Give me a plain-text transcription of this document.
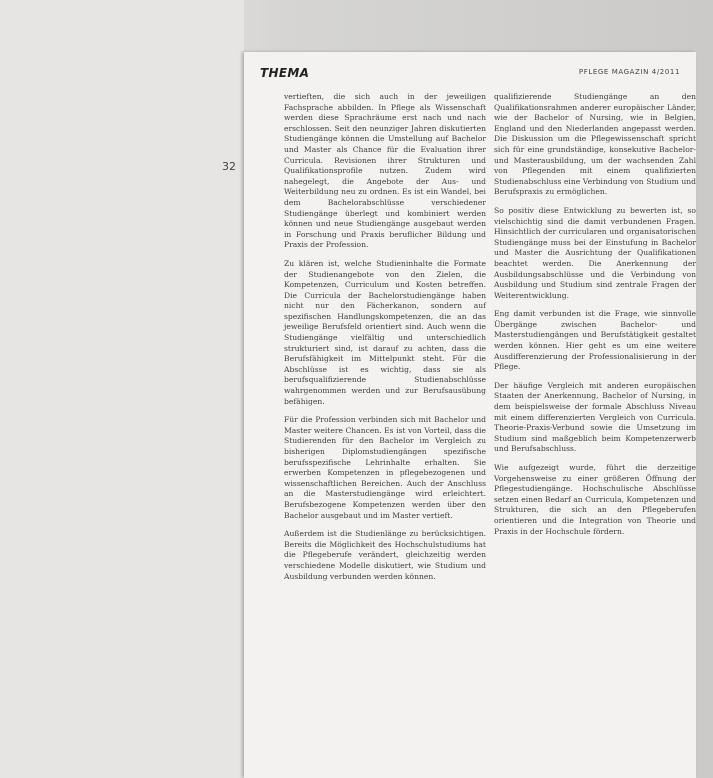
THEMA	PFLEGE MAGAZIN 4/2011

vertieften, die sich auch in der jeweiligen Fachsprache abbilden. In Pflege als Wissenschaft werden diese Sprachräume erst nach und nach erschlossen. Seit den neunziger Jahren diskutierten Studiengänge können die Umstellung auf Bachelor und Master als Chance für die Evaluation ihrer Curricula. Revisionen ihrer Strukturen und Qualifikationsprofile nutzen. Zudem wird nahegelegt, die Angebote der Aus- und Weiterbildung neu zu ordnen. Es ist ein Wandel, bei dem Bachelorabschlüsse verschiedener Studiengänge überlegt und kombiniert werden können und neue Studiengänge ausgebaut werden in Forschung und Praxis beruflicher Bildung und Praxis der Profession.

Zu klären ist, welche Studieninhalte die Formate der Studienangebote von den Zielen, die Kompetenzen, Curriculum und Kosten betreffen. Die Curricula der Bachelorstudiengänge haben nicht nur den Fächerkanon, sondern auf spezifischen Handlungskompetenzen, die an das jeweilige Berufsfeld orientiert sind. Auch wenn die Studiengänge vielfältig und unterschiedlich strukturiert sind, ist darauf zu achten, dass die Berufsfähigkeit im Mittelpunkt steht. Für die Abschlüsse ist es wichtig, dass sie als berufsqualifizierende Studienabschlüsse wahrgenommen werden und zur Berufsausübung befähigen.

Für die Profession verbinden sich mit Bachelor und Master weitere Chancen. Es ist von Vorteil, dass die Studierenden für den Bachelor im Vergleich zu bisherigen Diplomstudiengängen spezifische berufsspezifische Lehrinhalte erhalten. Sie erwerben Kompetenzen in pflegebezogenen und wissenschaftlichen Bereichen. Auch der Anschluss an die Masterstudiengänge wird erleichtert. Berufsbezogene Kompetenzen werden über den Bachelor ausgebaut und im Master vertieft.

Außerdem ist die Studienlänge zu berücksichtigen. Bereits die Möglichkeit des Hochschulstudiums hat die Pflegeberufe verändert, gleichzeitig werden verschiedene Modelle diskutiert, wie Studium und Ausbildung verbunden werden können.

qualifizierende Studiengänge an den Qualifikationsrahmen anderer europäischer Länder, wie der Bachelor of Nursing, wie in Belgien, England und den Niederlanden angepasst werden. Die Diskussion um die Pflegewissenschaft spricht sich für eine grundständige, konsekutive Bachelor- und Masterausbildung, um der wachsenden Zahl von Pflegenden mit einem qualifizierten Studienabschluss eine Verbindung von Studium und Berufspraxis zu ermöglichen.

So positiv diese Entwicklung zu bewerten ist, so vielschichtig sind die damit verbundenen Fragen. Hinsichtlich der curricularen und organisatorischen Studiengänge muss bei der Einstufung in Bachelor und Master die Ausrichtung der Qualifikationen beachtet werden. Die Anerkennung der Ausbildungsabschlüsse und die Verbindung von Ausbildung und Studium sind zentrale Fragen der Weiterentwicklung.

Eng damit verbunden ist die Frage, wie sinnvolle Übergänge zwischen Bachelor- und Masterstudiengängen und Berufstätigkeit gestaltet werden können. Hier geht es um eine weitere Ausdifferenzierung der Professionalisierung in der Pflege.

Der häufige Vergleich mit anderen europäischen Staaten der Anerkennung, Bachelor of Nursing, in dem beispielsweise der formale Abschluss Niveau mit einem differenzierten Vergleich von Curricula. Theorie-Praxis-Verbund sowie die Umsetzung im Studium sind maßgeblich beim Kompetenzerwerb und Berufsabschluss.

Wie aufgezeigt wurde, führt die derzeitige Vorgehensweise zu einer größeren Öffnung der Pflegestudiengänge. Hochschulische Abschlüsse setzen einen Bedarf an Curricula, Kompetenzen und Strukturen, die sich an den Pflegeberufen orientieren und die Integration von Theorie und Praxis in der Hochschule fördern.

32
